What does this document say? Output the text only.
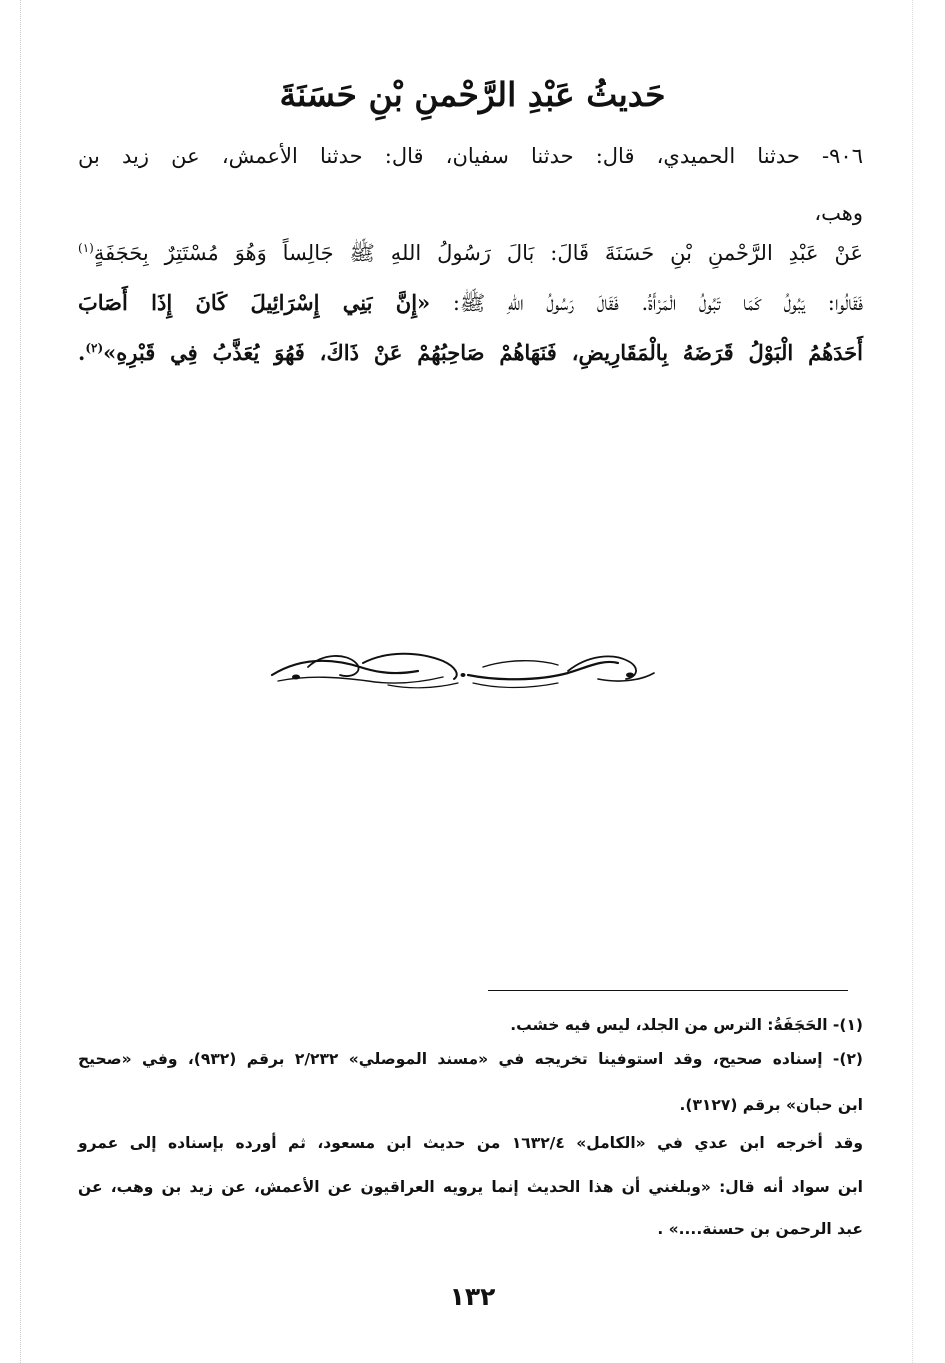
حَديثُ عَبْدِ الرَّحْمنِ بْنِ حَسَنَةَ

٩٠٦- حدثنا الحميدي، قال: حدثنا سفيان، قال: حدثنا الأعمش، عن زيد بن

وهب،

عَنْ عَبْدِ الرَّحْمنِ بْنِ حَسَنَةَ قَالَ: بَالَ رَسُولُ اللهِ ﷺ جَالِساً وَهُوَ مُسْتَتِرٌ بِحَجَفَةٍ$^{(١)}$

فَقَالُوا: يَبُولُ كَمَا تَبُولُ الْمَرْأَةُ. فَقَالَ رَسُولُ اللهِ ﷺ: «إِنَّ بَنِي إِسْرَائِيلَ كَانَ إِذَا أَصَابَ

أَحَدَهُمُ الْبَوْلُ قَرَضَهُ بِالْمَقَارِيضِ، فَنَهَاهُمْ صَاحِبُهُمْ عَنْ ذَاكَ، فَهُوَ يُعَذَّبُ فِي قَبْرِهِ»$^{(٢)}$.

(١)- الحَجَفَةُ: الترس من الجلد، ليس فيه خشب.

(٢)- إسناده صحيح، وقد استوفينا تخريجه في «مسند الموصلي» ٢/٢٣٢ برقم (٩٣٢)، وفي «صحيح

ابن حبان» برقم (٣١٢٧).

وقد أخرجه ابن عدي في «الكامل» ١٦٣٢/٤ من حديث ابن مسعود، ثم أورده بإسناده إلى عمرو

ابن سواد أنه قال: «وبلغني أن هذا الحديث إنما يرويه العراقيون عن الأعمش، عن زيد بن وهب، عن

عبد الرحمن بن حسنة....» .

١٣٢
